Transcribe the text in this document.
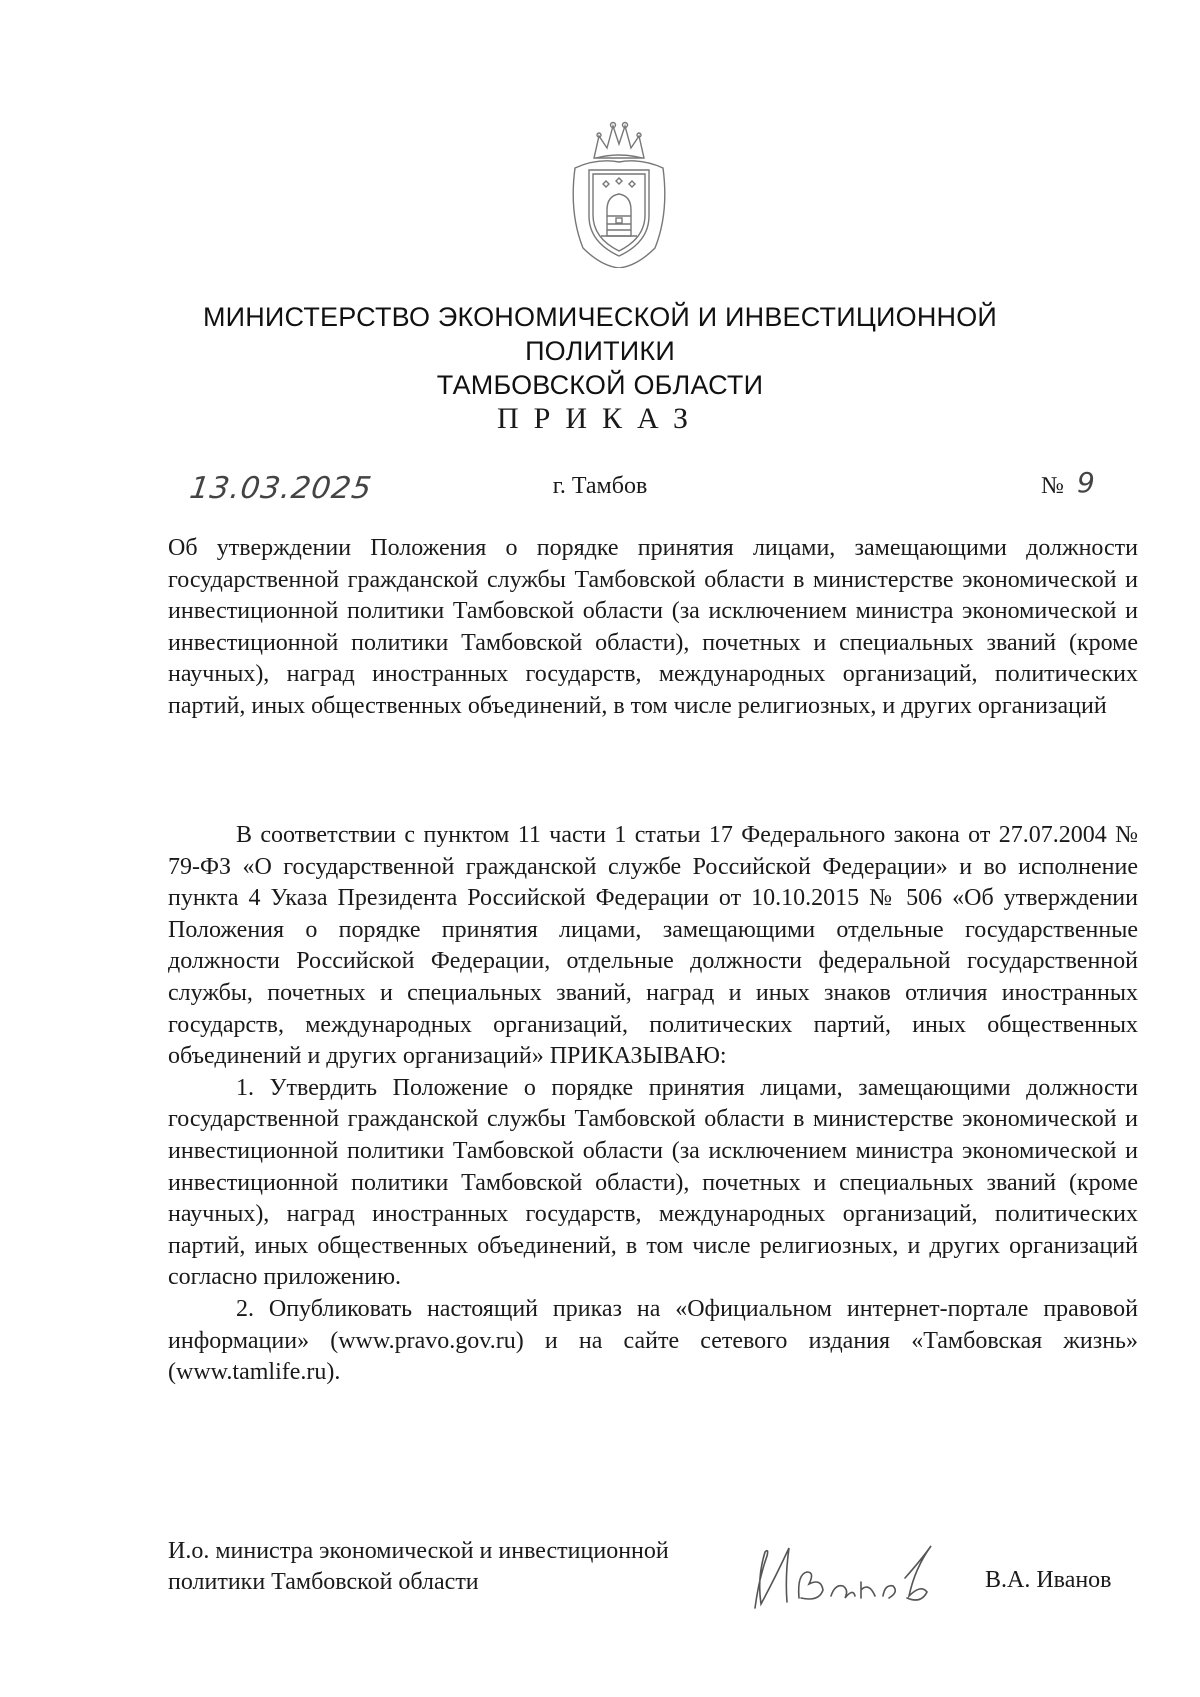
МИНИСТЕРСТВО ЭКОНОМИЧЕСКОЙ И ИНВЕСТИЦИОННОЙ ПОЛИТИКИ
ТАМБОВСКОЙ ОБЛАСТИ
ПРИКАЗ
13.03.2025	г. Тамбов	№ 9

Об утверждении Положения о порядке принятия лицами, замещающими должности государственной гражданской службы Тамбовской области в министерстве экономической и инвестиционной политики Тамбовской области (за исключением министра экономической и инвестиционной политики Тамбовской области), почетных и специальных званий (кроме научных), наград иностранных государств, международных организаций, политических партий, иных общественных объединений, в том числе религиозных, и других организаций

В соответствии с пунктом 11 части 1 статьи 17 Федерального закона от 27.07.2004 № 79-ФЗ «О государственной гражданской службе Российской Федерации» и во исполнение пункта 4 Указа Президента Российской Федерации от 10.10.2015 № 506 «Об утверждении Положения о порядке принятия лицами, замещающими отдельные государственные должности Российской Федерации, отдельные должности федеральной государственной службы, почетных и специальных званий, наград и иных знаков отличия иностранных государств, международных организаций, политических партий, иных общественных объединений и других организаций» ПРИКАЗЫВАЮ:

1. Утвердить Положение о порядке принятия лицами, замещающими должности государственной гражданской службы Тамбовской области в министерстве экономической и инвестиционной политики Тамбовской области (за исключением министра экономической и инвестиционной политики Тамбовской области), почетных и специальных званий (кроме научных), наград иностранных государств, международных организаций, политических партий, иных общественных объединений, в том числе религиозных, и других организаций согласно приложению.

2. Опубликовать настоящий приказ на «Официальном интернет-портале правовой информации» (www.pravo.gov.ru) и на сайте сетевого издания «Тамбовская жизнь» (www.tamlife.ru).

И.о. министра экономической и инвестиционной
политики Тамбовской области	В.А. Иванов
